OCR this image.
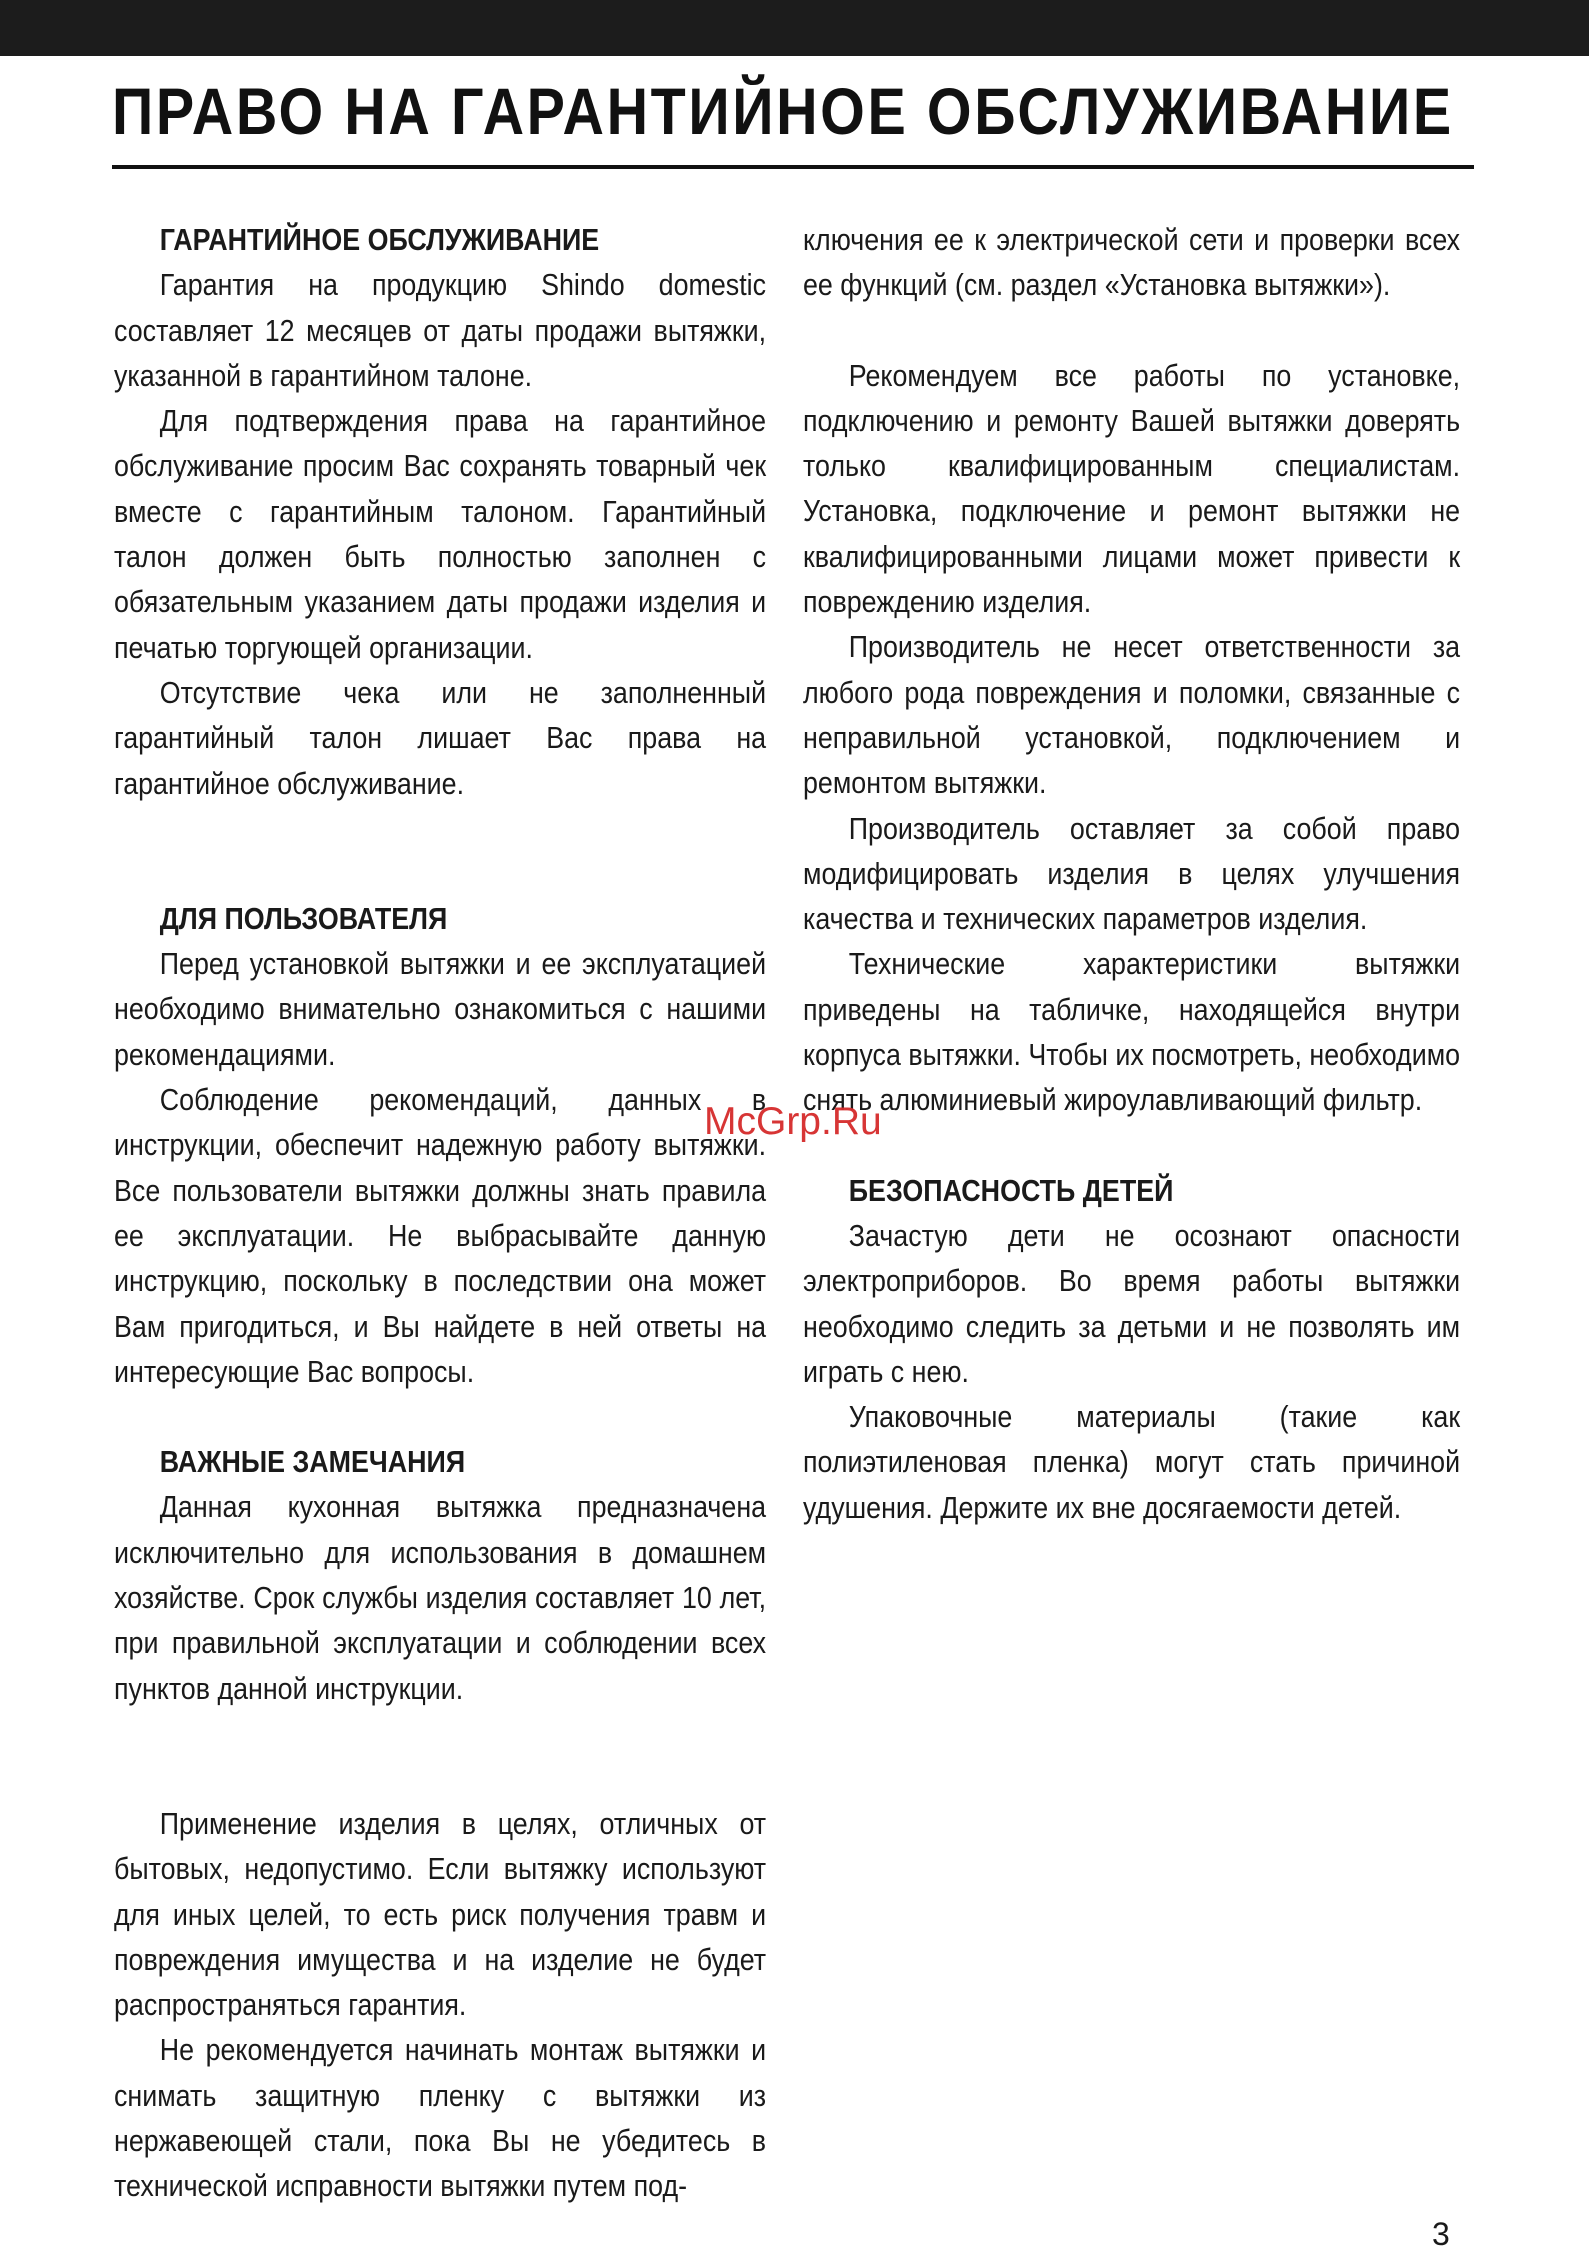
ПРАВО НА ГАРАНТИЙНОЕ ОБСЛУЖИВАНИЕ
ГАРАНТИЙНОЕ ОБСЛУЖИВАНИЕ

Гарантия на продукцию Shindo domestic составляет 12 месяцев от даты продажи вытяжки, указанной в гарантийном талоне.

Для подтверждения права на гарантийное обслуживание просим Вас сохранять товарный чек вместе с гарантийным талоном. Гарантийный талон должен быть полностью заполнен с обязательным указанием даты продажи изделия и печатью торгующей организации.

Отсутствие чека или не заполненный гарантийный талон лишает Вас права на гарантийное обслуживание.

ДЛЯ ПОЛЬЗОВАТЕЛЯ

Перед установкой вытяжки и ее эксплуатацией необходимо внимательно ознакомиться с нашими рекомендациями.

Соблюдение рекомендаций, данных в инструкции, обеспечит надежную работу вытяжки. Все пользователи вытяжки должны знать правила ее эксплуатации. Не выбрасывайте данную инструкцию, поскольку в последствии она может Вам пригодиться, и Вы найдете в ней ответы на интересующие Вас вопросы.

ВАЖНЫЕ ЗАМЕЧАНИЯ

Данная кухонная вытяжка предназначена исключительно для использования в домашнем хозяйстве. Срок службы изделия составляет 10 лет, при правильной эксплуатации и соблюдении всех пунктов данной инструкции.

Применение изделия в целях, отличных от бытовых, недопустимо. Если вытяжку используют для иных целей, то есть риск получения травм и повреждения имущества и на изделие не будет распространяться гарантия.

Не рекомендуется начинать монтаж вытяжки и снимать защитную пленку с вытяжки из нержавеющей стали, пока Вы не убедитесь в технической исправности вытяжки путем под-

ключения ее к электрической сети и проверки всех ее функций (см. раздел «Установка вытяжки»).

Рекомендуем все работы по установке, подключению и ремонту Вашей вытяжки доверять только квалифицированным специалистам. Установка, подключение и ремонт вытяжки не квалифицированными лицами может привести к повреждению изделия.

Производитель не несет ответственности за любого рода повреждения и поломки, связанные с неправильной установкой, подключением и ремонтом вытяжки.

Производитель оставляет за собой право модифицировать изделия в целях улучшения качества и технических параметров изделия.

Технические характеристики вытяжки приведены на табличке, находящейся внутри корпуса вытяжки. Чтобы их посмотреть, необходимо снять алюминиевый жироулавливающий фильтр.

БЕЗОПАСНОСТЬ ДЕТЕЙ

Зачастую дети не осознают опасности электроприборов. Во время работы вытяжки необходимо следить за детьми и не позволять им играть с нею.

Упаковочные материалы (такие как полиэтиленовая пленка) могут стать причиной удушения. Держите их вне досягаемости детей.

McGrp.Ru
3
